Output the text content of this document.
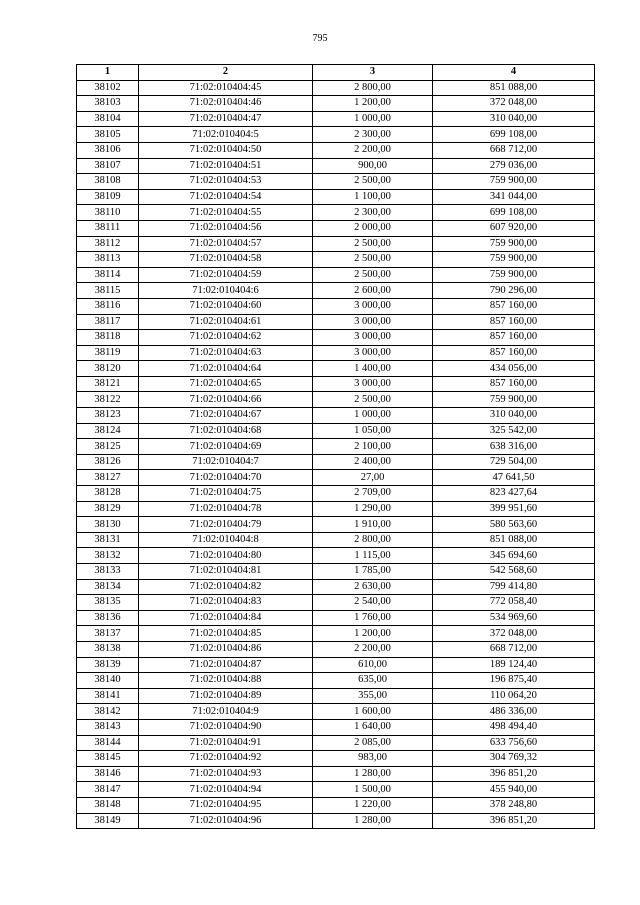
795
1	2	3	4
38102	71:02:010404:45	2 800,00	851 088,00
38103	71:02:010404:46	1 200,00	372 048,00
38104	71:02:010404:47	1 000,00	310 040,00
38105	71:02:010404:5	2 300,00	699 108,00
38106	71:02:010404:50	2 200,00	668 712,00
38107	71:02:010404:51	900,00	279 036,00
38108	71:02:010404:53	2 500,00	759 900,00
38109	71:02:010404:54	1 100,00	341 044,00
38110	71:02:010404:55	2 300,00	699 108,00
38111	71:02:010404:56	2 000,00	607 920,00
38112	71:02:010404:57	2 500,00	759 900,00
38113	71:02:010404:58	2 500,00	759 900,00
38114	71:02:010404:59	2 500,00	759 900,00
38115	71:02:010404:6	2 600,00	790 296,00
38116	71:02:010404:60	3 000,00	857 160,00
38117	71:02:010404:61	3 000,00	857 160,00
38118	71:02:010404:62	3 000,00	857 160,00
38119	71:02:010404:63	3 000,00	857 160,00
38120	71:02:010404:64	1 400,00	434 056,00
38121	71:02:010404:65	3 000,00	857 160,00
38122	71:02:010404:66	2 500,00	759 900,00
38123	71:02:010404:67	1 000,00	310 040,00
38124	71:02:010404:68	1 050,00	325 542,00
38125	71:02:010404:69	2 100,00	638 316,00
38126	71:02:010404:7	2 400,00	729 504,00
38127	71:02:010404:70	27,00	47 641,50
38128	71:02:010404:75	2 709,00	823 427,64
38129	71:02:010404:78	1 290,00	399 951,60
38130	71:02:010404:79	1 910,00	580 563,60
38131	71:02:010404:8	2 800,00	851 088,00
38132	71:02:010404:80	1 115,00	345 694,60
38133	71:02:010404:81	1 785,00	542 568,60
38134	71:02:010404:82	2 630,00	799 414,80
38135	71:02:010404:83	2 540,00	772 058,40
38136	71:02:010404:84	1 760,00	534 969,60
38137	71:02:010404:85	1 200,00	372 048,00
38138	71:02:010404:86	2 200,00	668 712,00
38139	71:02:010404:87	610,00	189 124,40
38140	71:02:010404:88	635,00	196 875,40
38141	71:02:010404:89	355,00	110 064,20
38142	71:02:010404:9	1 600,00	486 336,00
38143	71:02:010404:90	1 640,00	498 494,40
38144	71:02:010404:91	2 085,00	633 756,60
38145	71:02:010404:92	983,00	304 769,32
38146	71:02:010404:93	1 280,00	396 851,20
38147	71:02:010404:94	1 500,00	455 940,00
38148	71:02:010404:95	1 220,00	378 248,80
38149	71:02:010404:96	1 280,00	396 851,20
